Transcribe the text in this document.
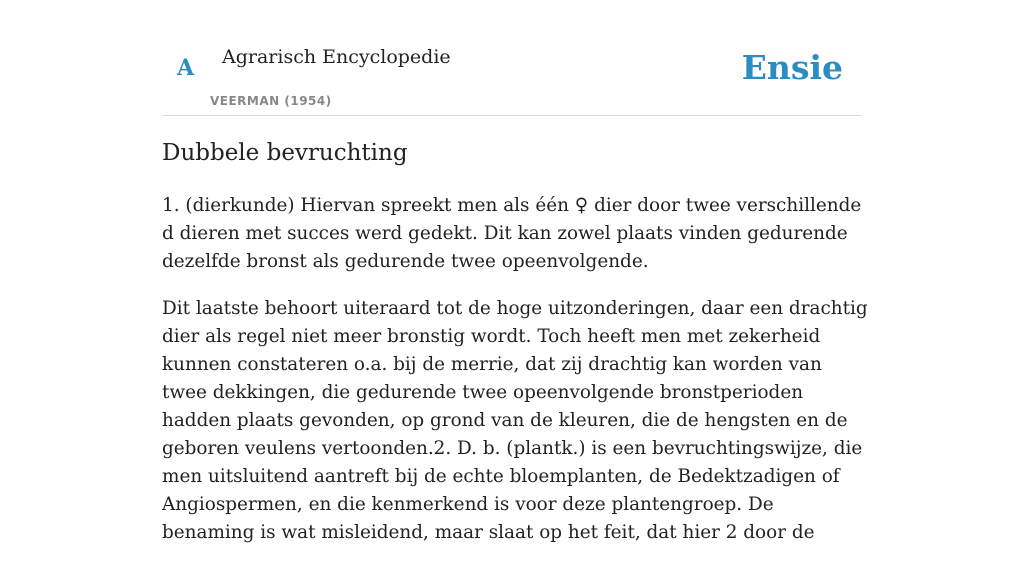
A Agrarisch Encyclopedie
VEERMAN (1954)
Ensie
Dubbele bevruchting

1. (dierkunde) Hiervan spreekt men als één ♀ dier door twee verschillende d dieren met succes werd gedekt. Dit kan zowel plaats vinden gedurende dezelfde bronst als gedurende twee opeenvolgende.

Dit laatste behoort uiteraard tot de hoge uitzonderingen, daar een drachtig dier als regel niet meer bronstig wordt. Toch heeft men met zekerheid kunnen constateren o.a. bij de merrie, dat zij drachtig kan worden van twee dekkingen, die gedurende twee opeenvolgende bronstperioden hadden plaats gevonden, op grond van de kleuren, die de hengsten en de geboren veulens vertoonden.2. D. b. (plantk.) is een bevruchtingswijze, die men uitsluitend aantreft bij de echte bloemplanten, de Bedektzadigen of Angiospermen, en die kenmerkend is voor deze plantengroep. De benaming is wat misleidend, maar slaat op het feit, dat hier 2 door de
